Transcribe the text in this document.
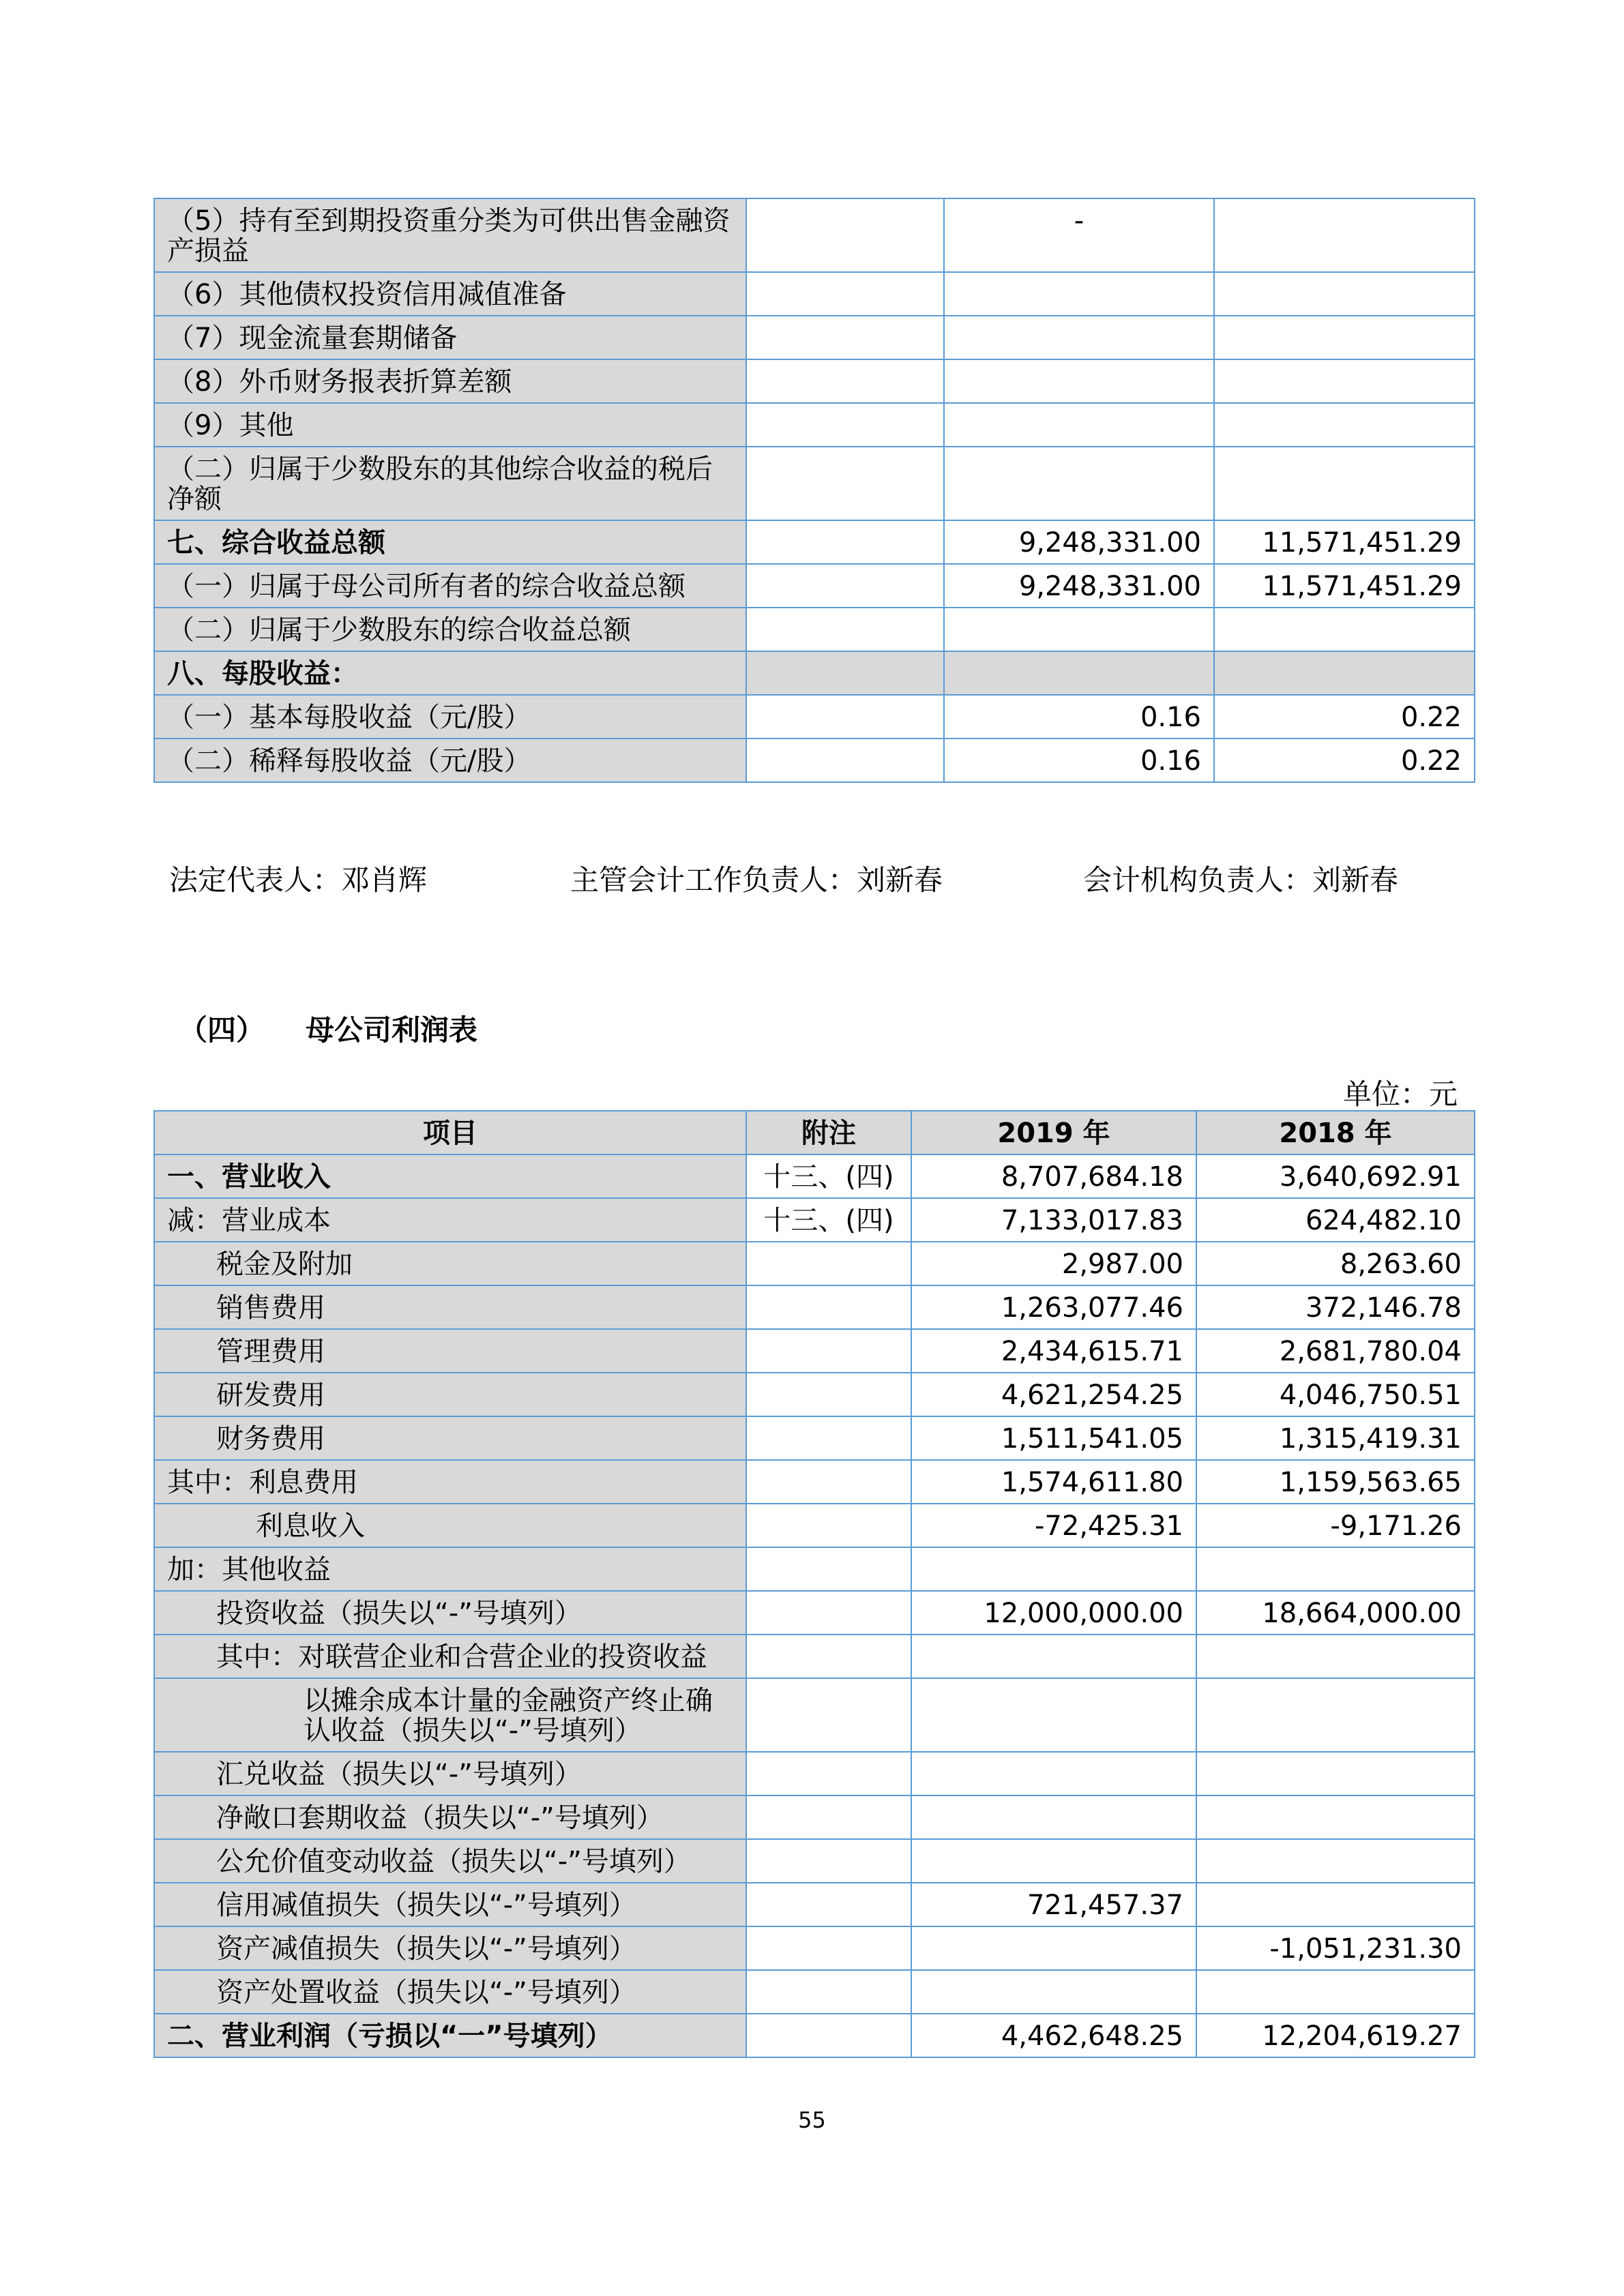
（5）持有至到期投资重分类为可供出售金融资产损益		-	
（6）其他债权投资信用减值准备			
（7）现金流量套期储备			
（8）外币财务报表折算差额			
（9）其他			
（二）归属于少数股东的其他综合收益的税后净额			
七、综合收益总额		9,248,331.00	11,571,451.29
（一）归属于母公司所有者的综合收益总额		9,248,331.00	11,571,451.29
（二）归属于少数股东的综合收益总额			
八、每股收益：			
（一）基本每股收益（元/股）		0.16	0.22
（二）稀释每股收益（元/股）		0.16	0.22
法定代表人：邓肖辉	主管会计工作负责人：刘新春	会计机构负责人：刘新春
（四） 母公司利润表
单位：元
项目	附注	2019 年	2018 年
一、营业收入	十三、(四)	8,707,684.18	3,640,692.91
减：营业成本	十三、(四)	7,133,017.83	624,482.10
税金及附加		2,987.00	8,263.60
销售费用		1,263,077.46	372,146.78
管理费用		2,434,615.71	2,681,780.04
研发费用		4,621,254.25	4,046,750.51
财务费用		1,511,541.05	1,315,419.31
其中：利息费用		1,574,611.80	1,159,563.65
利息收入		-72,425.31	-9,171.26
加：其他收益			
投资收益（损失以“-”号填列）		12,000,000.00	18,664,000.00
其中：对联营企业和合营企业的投资收益			
以摊余成本计量的金融资产终止确认收益（损失以“-”号填列）			
汇兑收益（损失以“-”号填列）			
净敞口套期收益（损失以“-”号填列）			
公允价值变动收益（损失以“-”号填列）			
信用减值损失（损失以“-”号填列）		721,457.37	
资产减值损失（损失以“-”号填列）			-1,051,231.30
资产处置收益（损失以“-”号填列）			
二、营业利润（亏损以“一”号填列）		4,462,648.25	12,204,619.27
55
